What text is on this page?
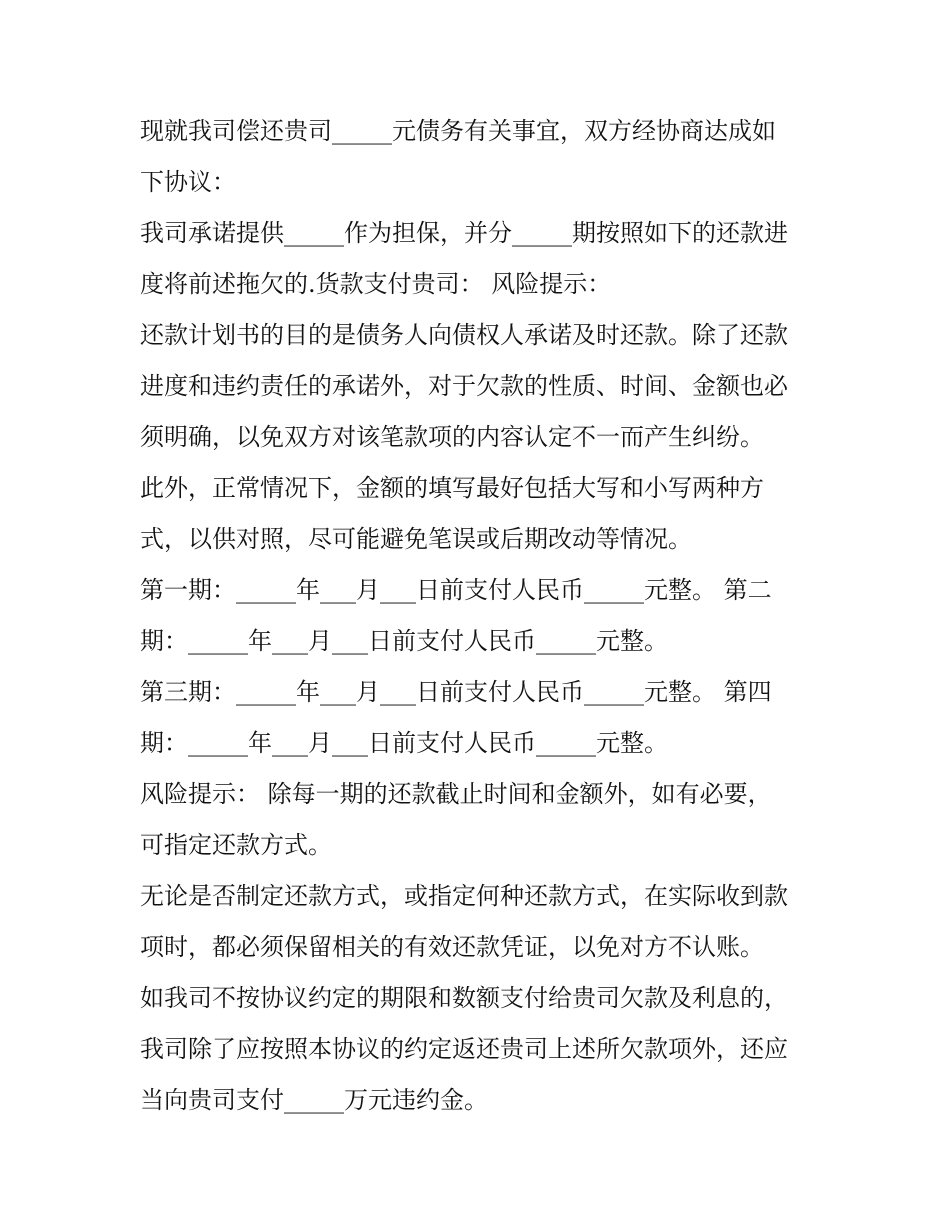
现就我司偿还贵司_____元债务有关事宜，双方经协商达成如
下协议：
我司承诺提供_____作为担保，并分_____期按照如下的还款进
度将前述拖欠的.货款支付贵司： 风险提示：
还款计划书的目的是债务人向债权人承诺及时还款。除了还款
进度和违约责任的承诺外，对于欠款的性质、时间、金额也必
须明确，以免双方对该笔款项的内容认定不一而产生纠纷。
此外，正常情况下，金额的填写最好包括大写和小写两种方
式，以供对照，尽可能避免笔误或后期改动等情况。
第一期：_____年___月___日前支付人民币_____元整。 第二
期：_____年___月___日前支付人民币_____元整。
第三期：_____年___月___日前支付人民币_____元整。 第四
期：_____年___月___日前支付人民币_____元整。
风险提示： 除每一期的还款截止时间和金额外，如有必要，
可指定还款方式。
无论是否制定还款方式，或指定何种还款方式，在实际收到款
项时，都必须保留相关的有效还款凭证，以免对方不认账。
如我司不按协议约定的期限和数额支付给贵司欠款及利息的，
我司除了应按照本协议的约定返还贵司上述所欠款项外，还应
当向贵司支付_____万元违约金。
